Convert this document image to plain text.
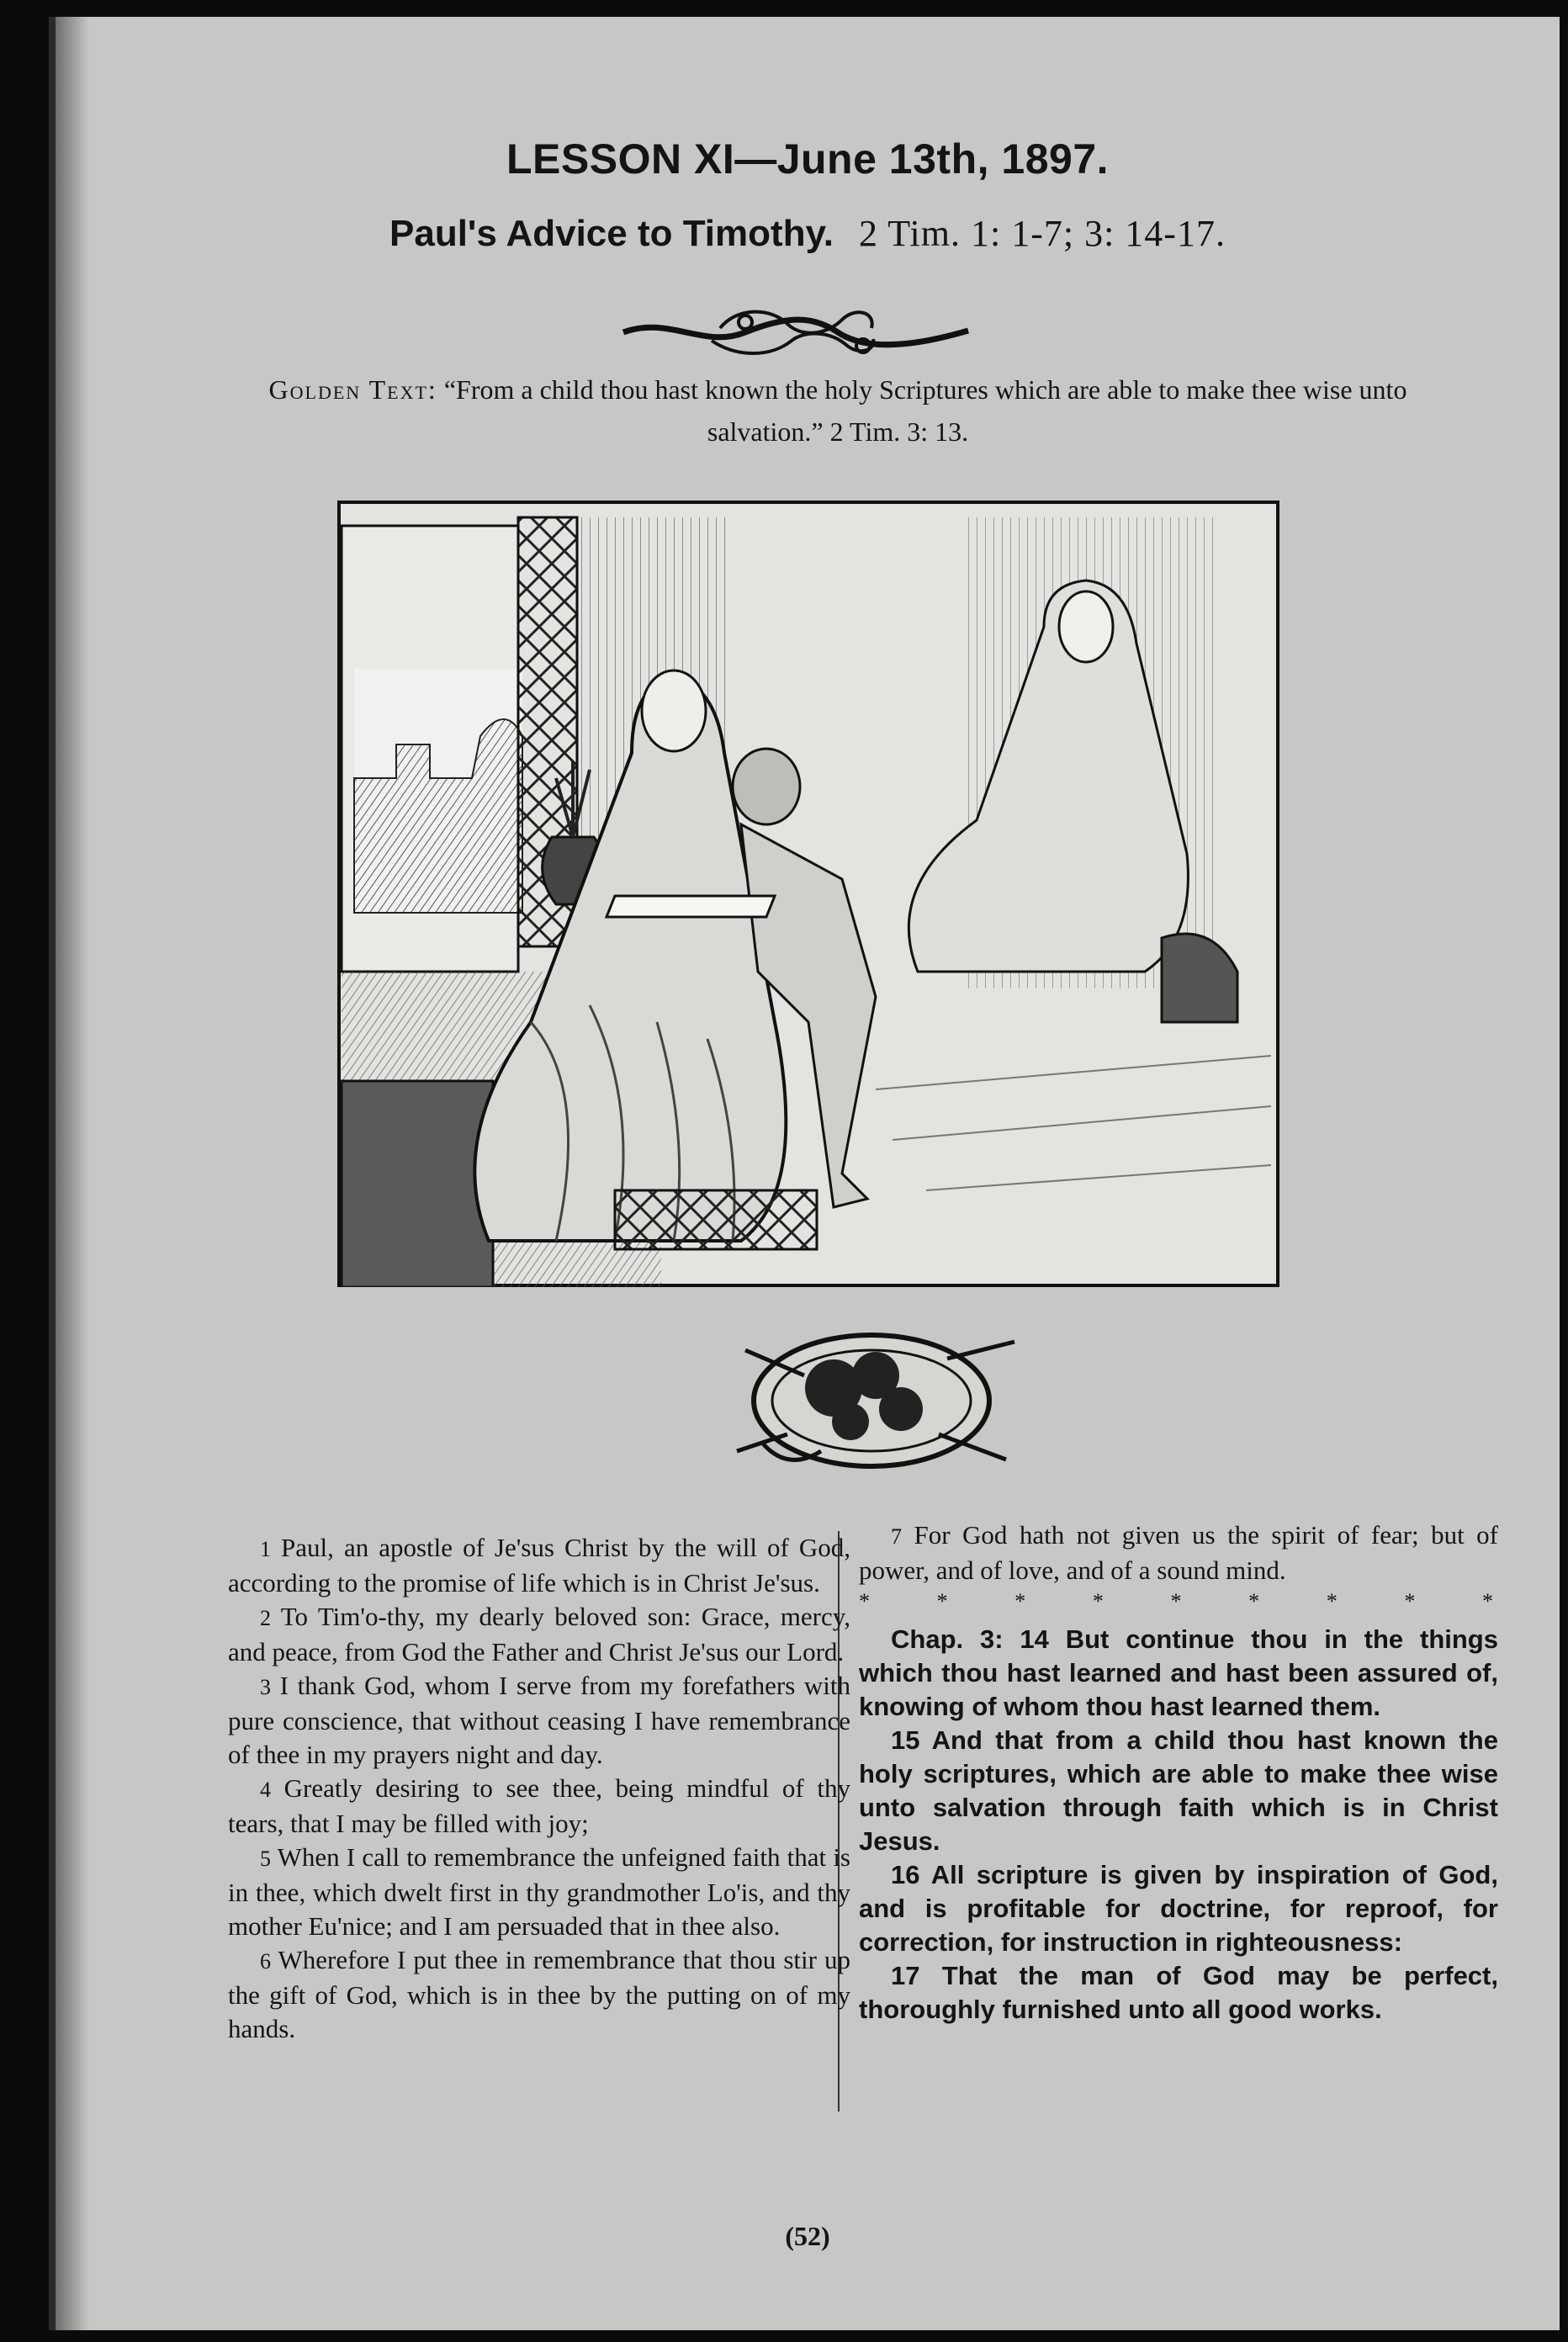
LESSON XI—June 13th, 1897.
Paul's Advice to Timothy. 2 Tim. 1: 1-7; 3: 14-17.
Golden Text: “From a child thou hast known the holy Scriptures which are able to make thee wise unto salvation.” 2 Tim. 3: 13.

1 Paul, an apostle of Je'sus Christ by the will of God, according to the promise of life which is in Christ Je'sus.

2 To Tim'o-thy, my dearly beloved son: Grace, mercy, and peace, from God the Father and Christ Je'sus our Lord.

3 I thank God, whom I serve from my forefathers with pure conscience, that without ceasing I have remembrance of thee in my prayers night and day.

4 Greatly desiring to see thee, being mindful of thy tears, that I may be filled with joy;

5 When I call to remembrance the unfeigned faith that is in thee, which dwelt first in thy grandmother Lo'is, and thy mother Eu'nice; and I am persuaded that in thee also.

6 Wherefore I put thee in remembrance that thou stir up the gift of God, which is in thee by the putting on of my hands.

7 For God hath not given us the spirit of fear; but of power, and of love, and of a sound mind.

*	*	*	*	*	*	*	*	*

Chap. 3: 14 But continue thou in the things which thou hast learned and hast been assured of, knowing of whom thou hast learned them.

15 And that from a child thou hast known the holy scriptures, which are able to make thee wise unto salvation through faith which is in Christ Jesus.

16 All scripture is given by inspiration of God, and is profitable for doctrine, for reproof, for correction, for instruction in righteousness:

17 That the man of God may be perfect, thoroughly furnished unto all good works.

(52)
